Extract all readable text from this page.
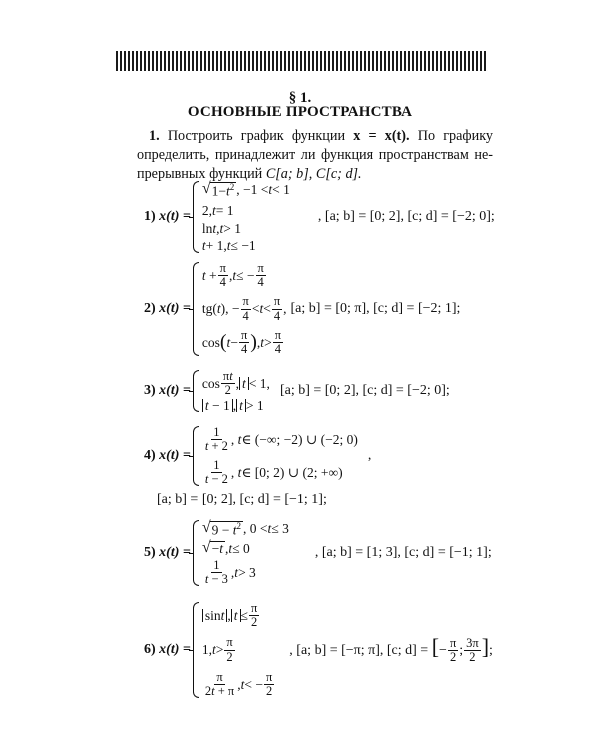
§ 1.
ОСНОВНЫЕ ПРОСТРАНСТВА
1. Построить график функции x = x(t). По графику
определить, принадлежит ли функция пространствам не-
прерывных функций C[a; b], C[c; d].
1) x(t) =
√ $1-t^2$ , −1 < t < 1
2, t = 1
ln t , t > 1
t + 1, t ≤ −1
, [a; b] = [0; 2], [c; d] = [−2; 0];
2) x(t) =
$t + \frac{\pi}{4}$ , t ≤ − $\frac{\pi}{4}$
tg( t ), − $\frac{\pi}{4} < t < \frac{\pi}{4}$ ,
cos ( $t - \frac{\pi}{4}$ ) , $t > \frac{\pi}{4}$
[a; b] = [0; π], [c; d] = [−2; 1];
3) $x(t) = \cos \frac{\pi t}{2}$ , t < 1,
t − 1 , t > 1
[a; b] = [0; 2], [c; d] = [−2; 0];
4) x(t) =
$\frac{1}{t + 2}$ , t ∈ (−∞; −2) ∪ (−2; 0)
$\frac{1}{t - 2}$ , t ∈ [0; 2) ∪ (2; +∞)
,
[a; b] = [0; 2], [c; d] = [−1; 1];
5) x(t) =
√ $9 - t^2$ , 0 < t ≤ 3
√ −t , t ≤ 0
$\frac{1}{t - 3}$ , t > 3
, [a; b] = [1; 3], [c; d] = [−1; 1];
6) x(t) =
sint , $t \le \frac{\pi}{2}$
1, $t > \frac{\pi}{2}$
$\frac{\pi}{2t + \pi}$ , t < − $\frac{\pi}{2}$
, [a; b] = [−π; π], [c; d] = [− $\frac{\pi}{2}$ ; $\frac{3\pi}{2}$ ];
